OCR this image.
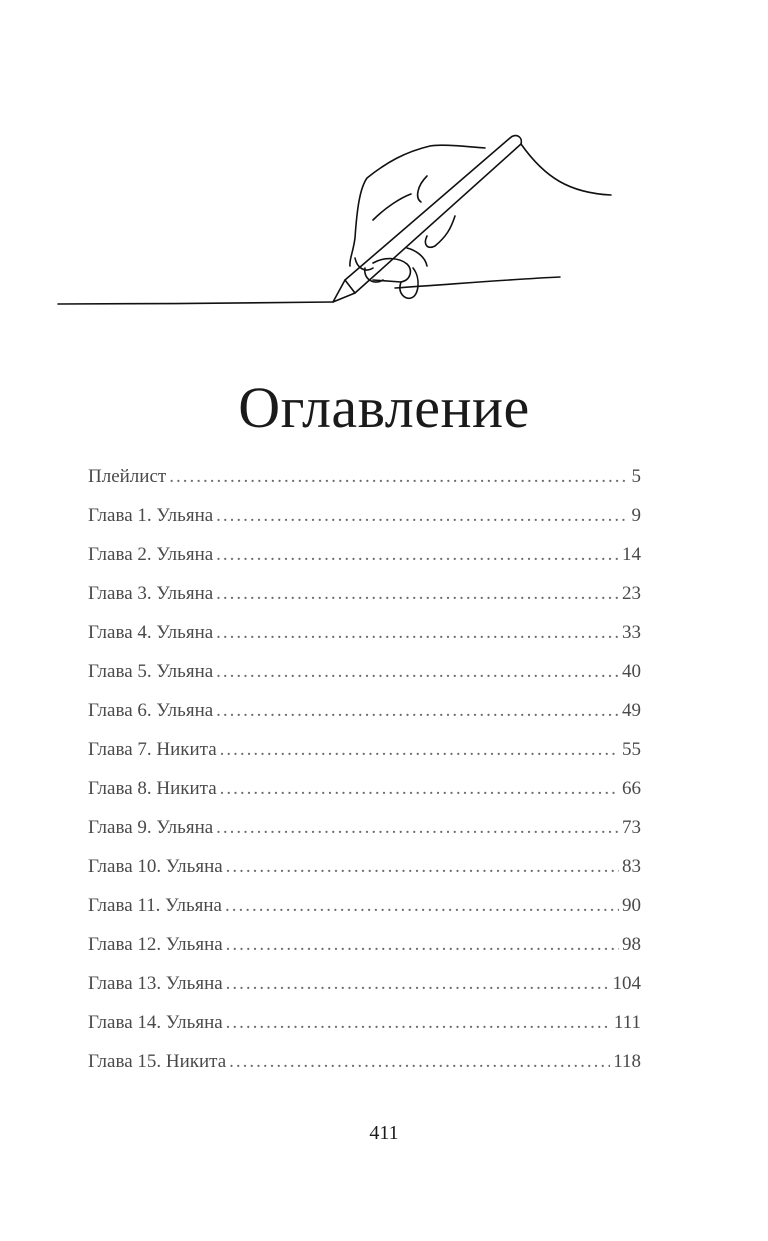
Оглавление
Плейлист .....	5
Глава 1. Ульяна .....	9
Глава 2. Ульяна .....	14
Глава 3. Ульяна .....	23
Глава 4. Ульяна .....	33
Глава 5. Ульяна .....	40
Глава 6. Ульяна .....	49
Глава 7. Никита .....	55
Глава 8. Никита .....	66
Глава 9. Ульяна .....	73
Глава 10. Ульяна .....	83
Глава 11. Ульяна .....	90
Глава 12. Ульяна .....	98
Глава 13. Ульяна .....	104
Глава 14. Ульяна .....	111
Глава 15. Никита .....	118
411
